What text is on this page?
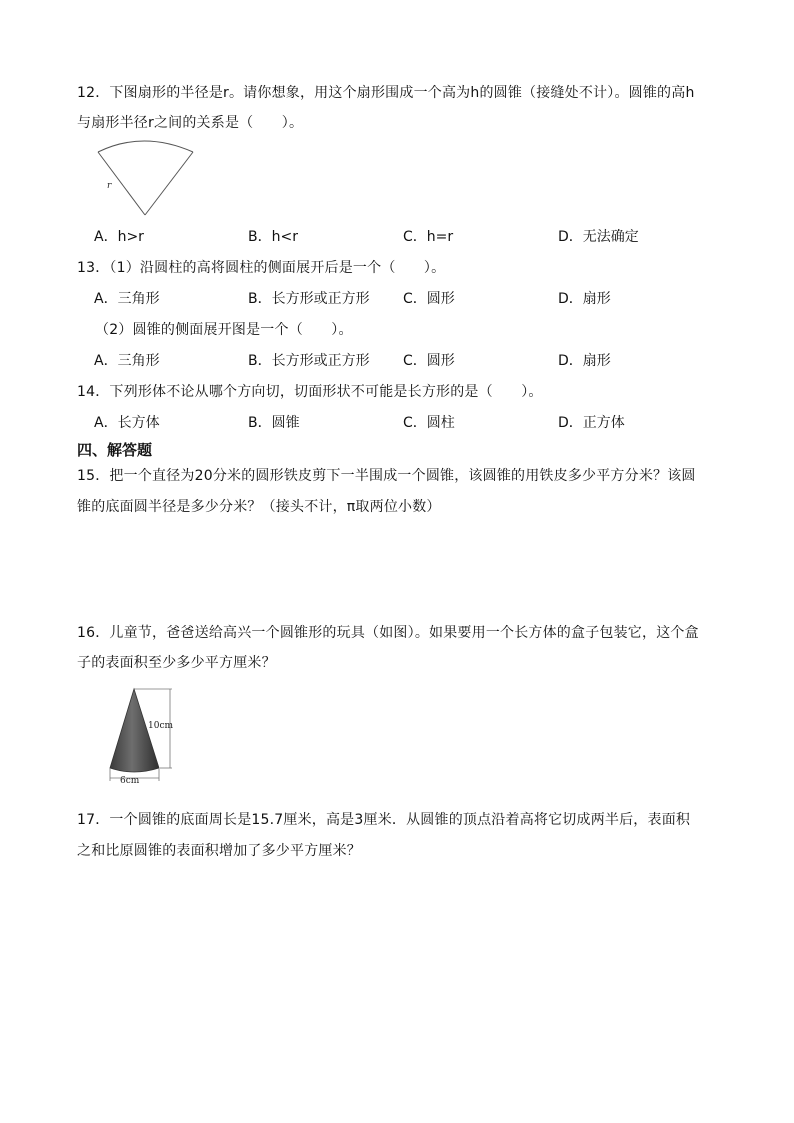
12．下图扇形的半径是r。请你想象，用这个扇形围成一个高为h的圆锥（接缝处不计）。圆锥的高h
与扇形半径r之间的关系是（　　）。
r
A．h>r	B．h<r	C．h=r	D．无法确定
13．（1）沿圆柱的高将圆柱的侧面展开后是一个（　　）。
A．三角形	B．长方形或正方形 C．圆形	D．扇形
（2）圆锥的侧面展开图是一个（　　）。
A．三角形	B．长方形或正方形 C．圆形	D．扇形
14．下列形体不论从哪个方向切，切面形状不可能是长方形的是（　　）。
A．长方体	B．圆锥	C．圆柱	D．正方体
四、解答题
15．把一个直径为20分米的圆形铁皮剪下一半围成一个圆锥，该圆锥的用铁皮多少平方分米？该圆
锥的底面圆半径是多少分米？（接头不计，π取两位小数）
16．儿童节，爸爸送给高兴一个圆锥形的玩具（如图）。如果要用一个长方体的盒子包装它，这个盒
子的表面积至少多少平方厘米？
10cm
6cm
17．一个圆锥的底面周长是15.7厘米，高是3厘米．从圆锥的顶点沿着高将它切成两半后，表面积
之和比原圆锥的表面积增加了多少平方厘米？
